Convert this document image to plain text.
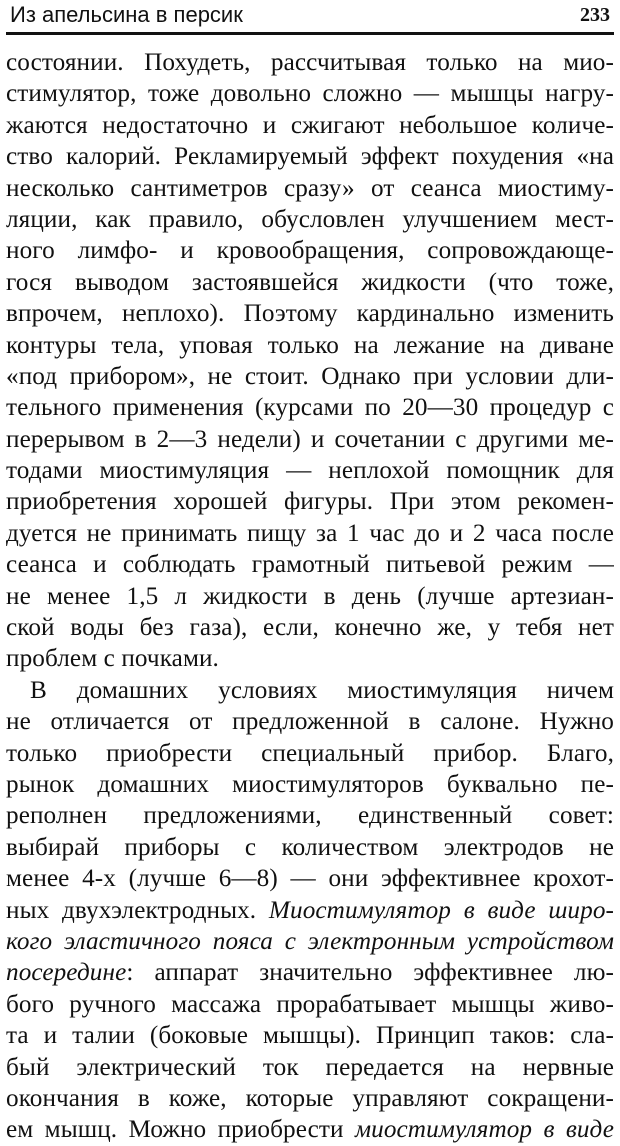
Из апельсина в персик	233
состоянии. Похудеть, рассчитывая только на мио-
стимулятор, тоже довольно сложно — мышцы нагру-
жаются недостаточно и сжигают небольшое количе-
ство калорий. Рекламируемый эффект похудения «на
несколько сантиметров сразу» от сеанса миостиму-
ляции, как правило, обусловлен улучшением мест-
ного лимфо- и кровообращения, сопровождающе-
гося выводом застоявшейся жидкости (что тоже,
впрочем, неплохо). Поэтому кардинально изменить
контуры тела, уповая только на лежание на диване
«под прибором», не стоит. Однако при условии дли-
тельного применения (курсами по 20—30 процедур с
перерывом в 2—3 недели) и сочетании с другими ме-
тодами миостимуляция — неплохой помощник для
приобретения хорошей фигуры. При этом рекомен-
дуется не принимать пищу за 1 час до и 2 часа после
сеанса и соблюдать грамотный питьевой режим —
не менее 1,5 л жидкости в день (лучше артезиан-
ской воды без газа), если, конечно же, у тебя нет
проблем с почками.
В домашних условиях миостимуляция ничем
не отличается от предложенной в салоне. Нужно
только приобрести специальный прибор. Благо,
рынок домашних миостимуляторов буквально пе-
реполнен предложениями, единственный совет:
выбирай приборы с количеством электродов не
менее 4-х (лучше 6—8) — они эффективнее крохот-
ных двухэлектродных. Миостимулятор в виде широ-
кого эластичного пояса с электронным устройством
посередине: аппарат значительно эффективнее лю-
бого ручного массажа прорабатывает мышцы живо-
та и талии (боковые мышцы). Принцип таков: сла-
бый электрический ток передается на нервные
окончания в коже, которые управляют сокращени-
ем мышц. Можно приобрести миостимулятор в виде
